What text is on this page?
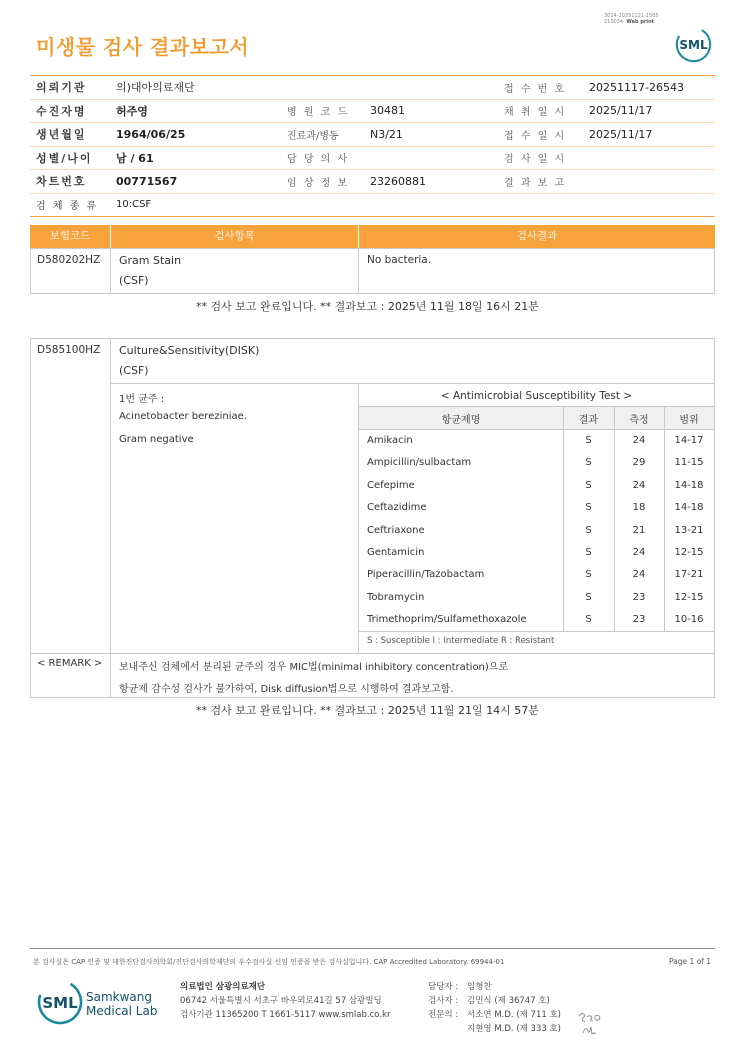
3014-20251121-1505
210034 Web print
미생물 검사 결과보고서	SML
의뢰기관	의)대아의료재단			접 수 번 호	20251117-26543
수진자명	허주영	병 원 코 드	30481	채 취 일 시	2025/11/17
생년월일	1964/06/25	진료과/병동	N3/21	접 수 일 시	2025/11/17
성별/나이	남 / 61	담 당 의 사		검 사 일 시	
차트번호	00771567	임 상 정 보	23260881	결 과 보 고	
검 체 종 류	10:CSF				
보험코드	검사항목	검사결과
D580202HZ Gram Stain
(CSF)
No bacteria.
** 검사 보고 완료입니다. ** 결과보고 : 2025년 11월 18일 16시 21분
D585100HZ Culture&Sensitivity(DISK)
(CSF)
1번 균주 :
Acinetobacter bereziniae.
Gram negative
< Antimicrobial Susceptibility Test >
항균제명	결과	측정	범위
Amikacin	S	24	14-17
Ampicillin/sulbactam	S	29	11-15
Cefepime	S	24	14-18
Ceftazidime	S	18	14-18
Ceftriaxone	S	21	13-21
Gentamicin	S	24	12-15
Piperacillin/Tazobactam	S	24	17-21
Tobramycin	S	23	12-15
Trimethoprim/Sulfamethoxazole	S	23	10-16
S : Susceptible I : Intermediate R : Resistant
< REMARK > 보내주신 검체에서 분리된 균주의 경우 MIC법(minimal inhibitory concentration)으로
항균제 감수성 검사가 불가하여, Disk diffusion법으로 시행하여 결과보고함.
** 검사 보고 완료입니다. ** 결과보고 : 2025년 11월 21일 14시 57분
본 검사실은 CAP 인증 및 대한진단검사의학회/진단검사의학재단의 우수검사실 신임 인증을 받은 검사실입니다. CAP Accredited Laboratory. 69944-01	Page 1 of 1
SML Samkwang
Medical Lab
의료법인 삼광의료재단
06742 서울특별시 서초구 바우뫼로41길 57 삼광빌딩
검사기관 11365200 T 1661-5117 www.smlab.co.kr
담당자 : 임형찬
검사자 : 김민식 (제 36747 호)
전문의 : 서소연 M.D. (제 711 호)
지현영 M.D. (제 333 호)
